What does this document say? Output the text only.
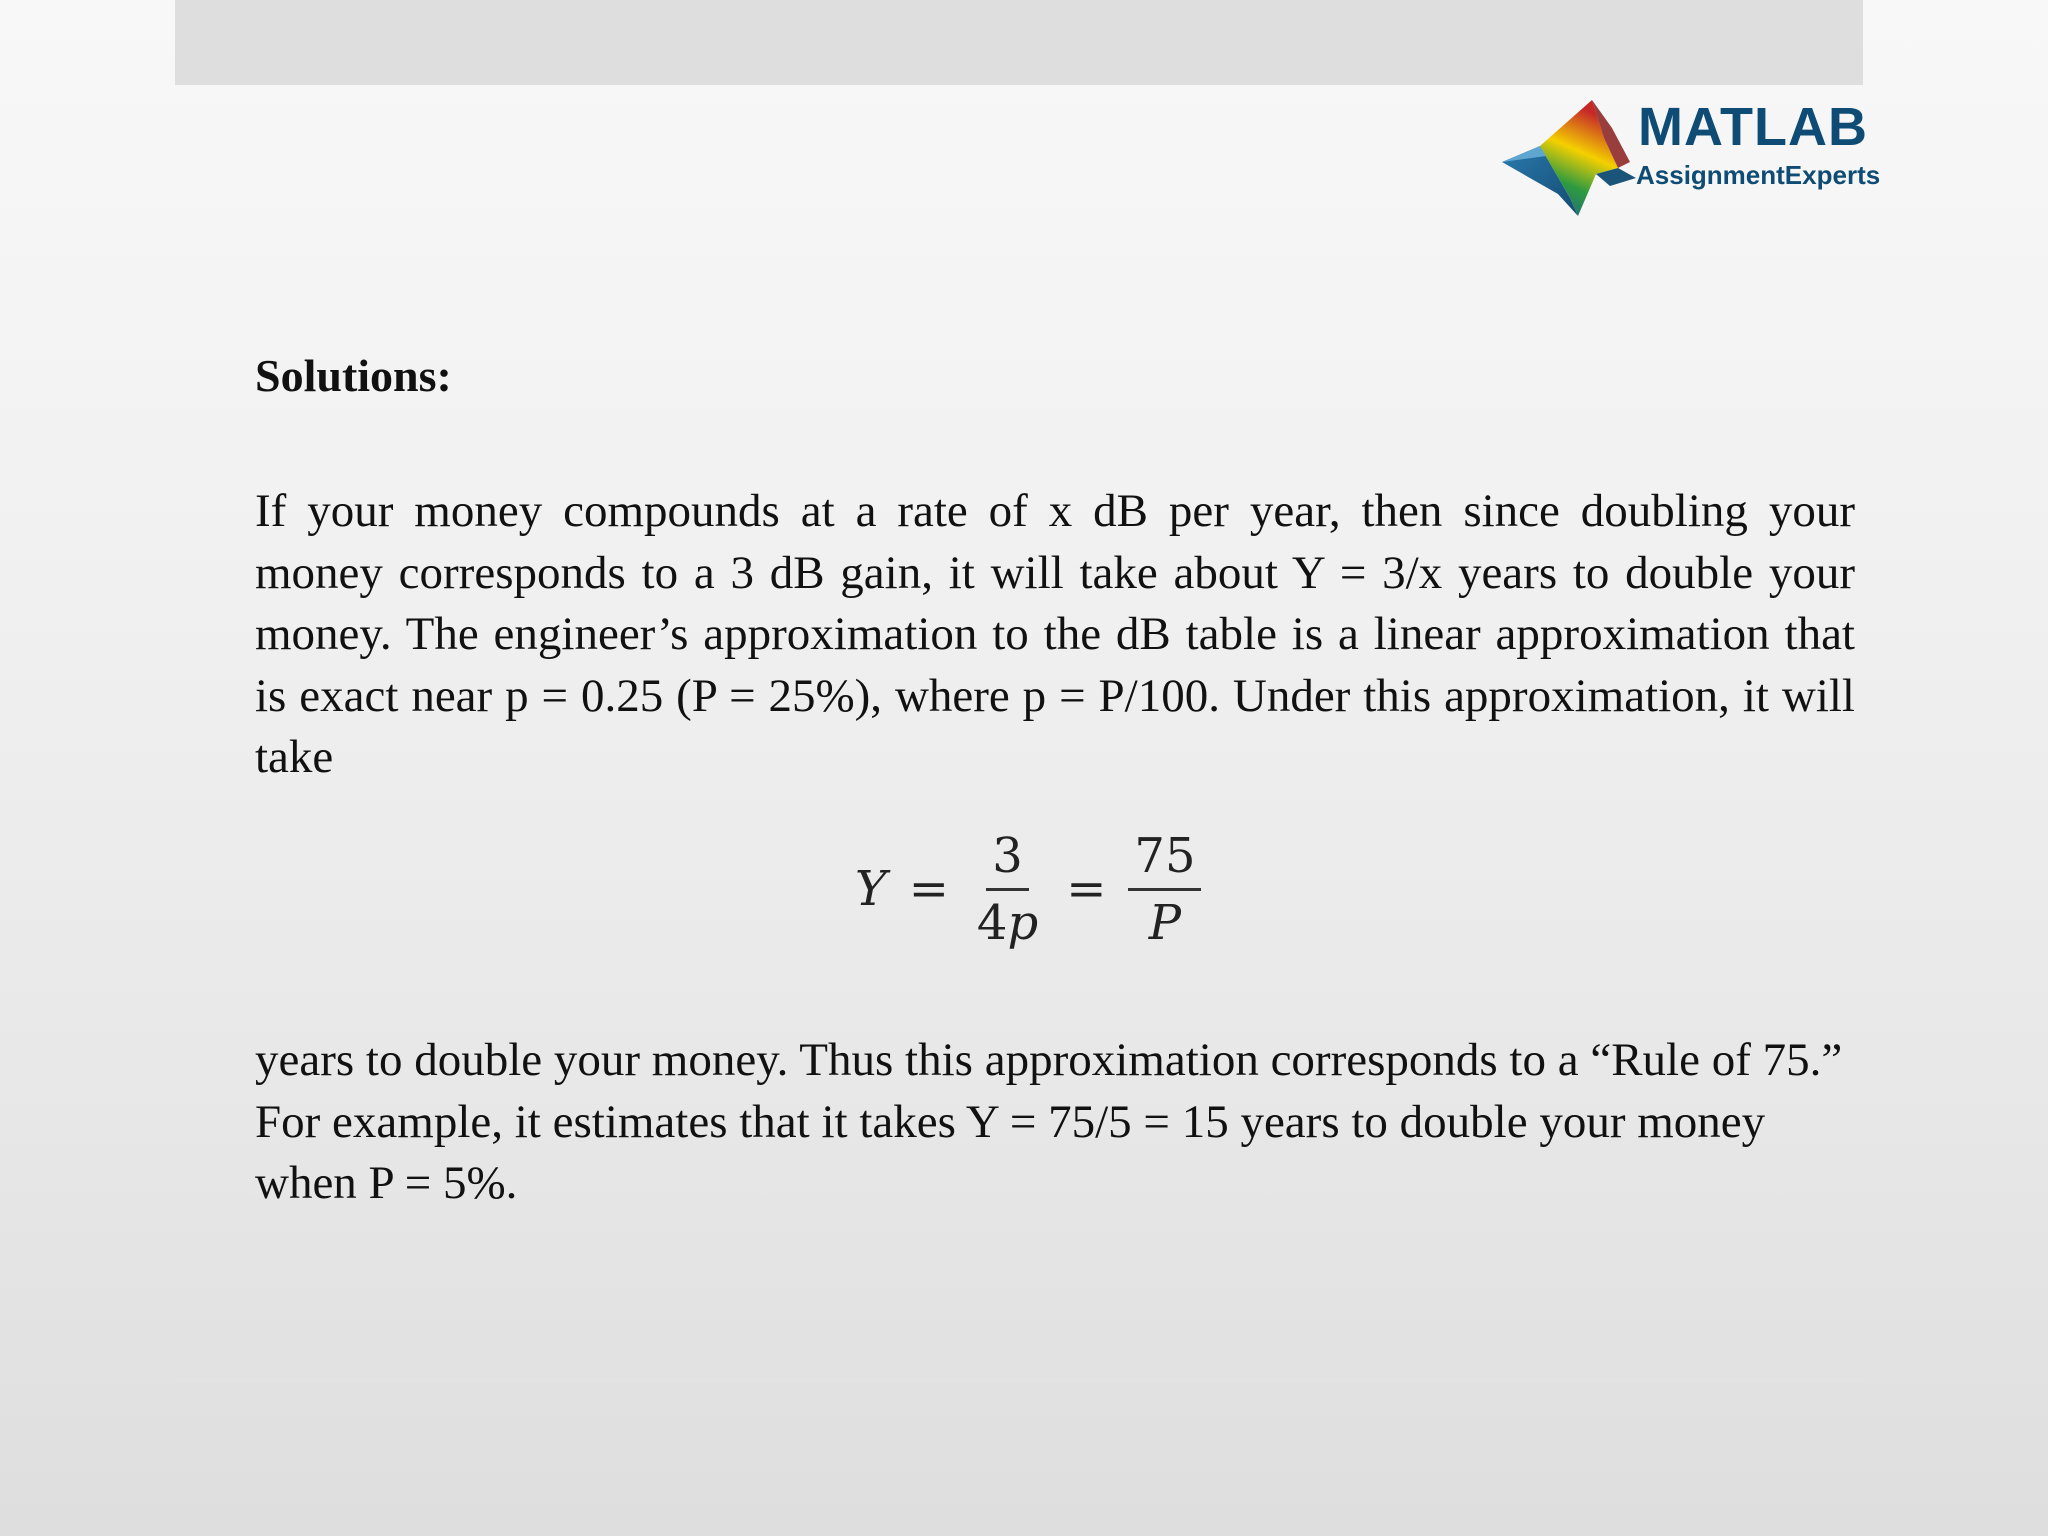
MATLAB
AssignmentExperts
Solutions:

If your money compounds at a rate of x dB per year, then since doubling your money corresponds to a 3 dB gain, it will take about Y = 3/x years to double your money. The engineer’s approximation to the dB table is a linear approximation that is exact near p = 0.25 (P = 25%), where p = P/100. Under this approximation, it will take

$Y = \frac{3}{4p} = \frac{75}{P}$

years to double your money. Thus this approximation corresponds to a “Rule of 75.” For example, it estimates that it takes Y = 75/5 = 15 years to double your money when P = 5%.
